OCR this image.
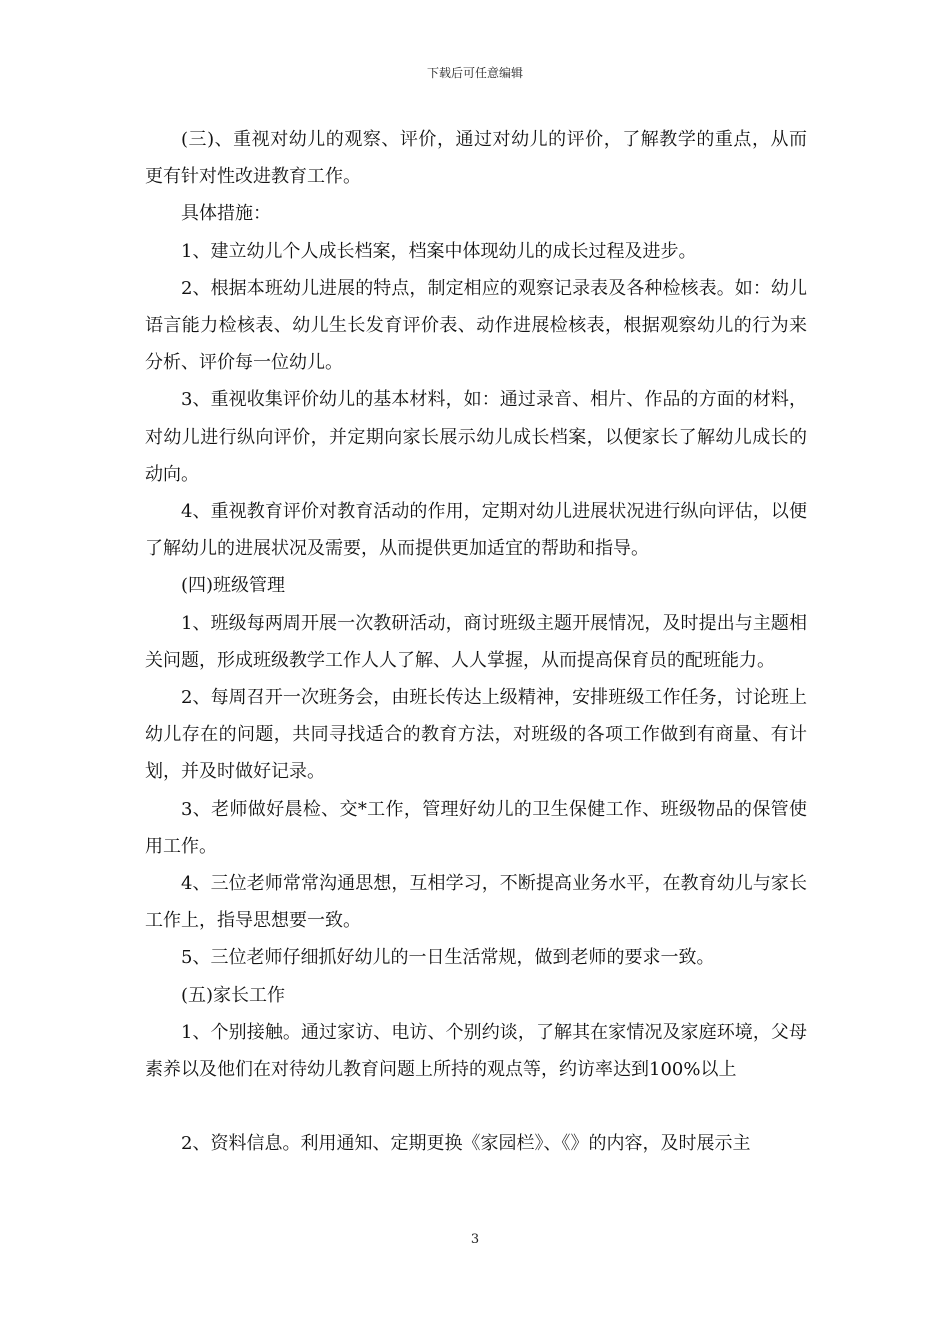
下载后可任意编辑

(三)、重视对幼儿的观察、评价，通过对幼儿的评价，了解教学的重点，从而更有针对性改进教育工作。

具体措施：

1、建立幼儿个人成长档案，档案中体现幼儿的成长过程及进步。

2、根据本班幼儿进展的特点，制定相应的观察记录表及各种检核表。如：幼儿语言能力检核表、幼儿生长发育评价表、动作进展检核表，根据观察幼儿的行为来分析、评价每一位幼儿。

3、重视收集评价幼儿的基本材料，如：通过录音、相片、作品的方面的材料，对幼儿进行纵向评价，并定期向家长展示幼儿成长档案，以便家长了解幼儿成长的动向。

4、重视教育评价对教育活动的作用，定期对幼儿进展状况进行纵向评估，以便了解幼儿的进展状况及需要，从而提供更加适宜的帮助和指导。

(四)班级管理

1、班级每两周开展一次教研活动，商讨班级主题开展情况，及时提出与主题相关问题，形成班级教学工作人人了解、人人掌握，从而提高保育员的配班能力。

2、每周召开一次班务会，由班长传达上级精神，安排班级工作任务，讨论班上幼儿存在的问题，共同寻找适合的教育方法，对班级的各项工作做到有商量、有计划，并及时做好记录。

3、老师做好晨检、交*工作，管理好幼儿的卫生保健工作、班级物品的保管使用工作。

4、三位老师常常沟通思想，互相学习，不断提高业务水平，在教育幼儿与家长工作上，指导思想要一致。

5、三位老师仔细抓好幼儿的一日生活常规，做到老师的要求一致。

(五)家长工作

1、个别接触。通过家访、电访、个别约谈，了解其在家情况及家庭环境，父母素养以及他们在对待幼儿教育问题上所持的观点等，约访率达到100%以上

2、资料信息。利用通知、定期更换《家园栏》、《》的内容，及时展示主

3
